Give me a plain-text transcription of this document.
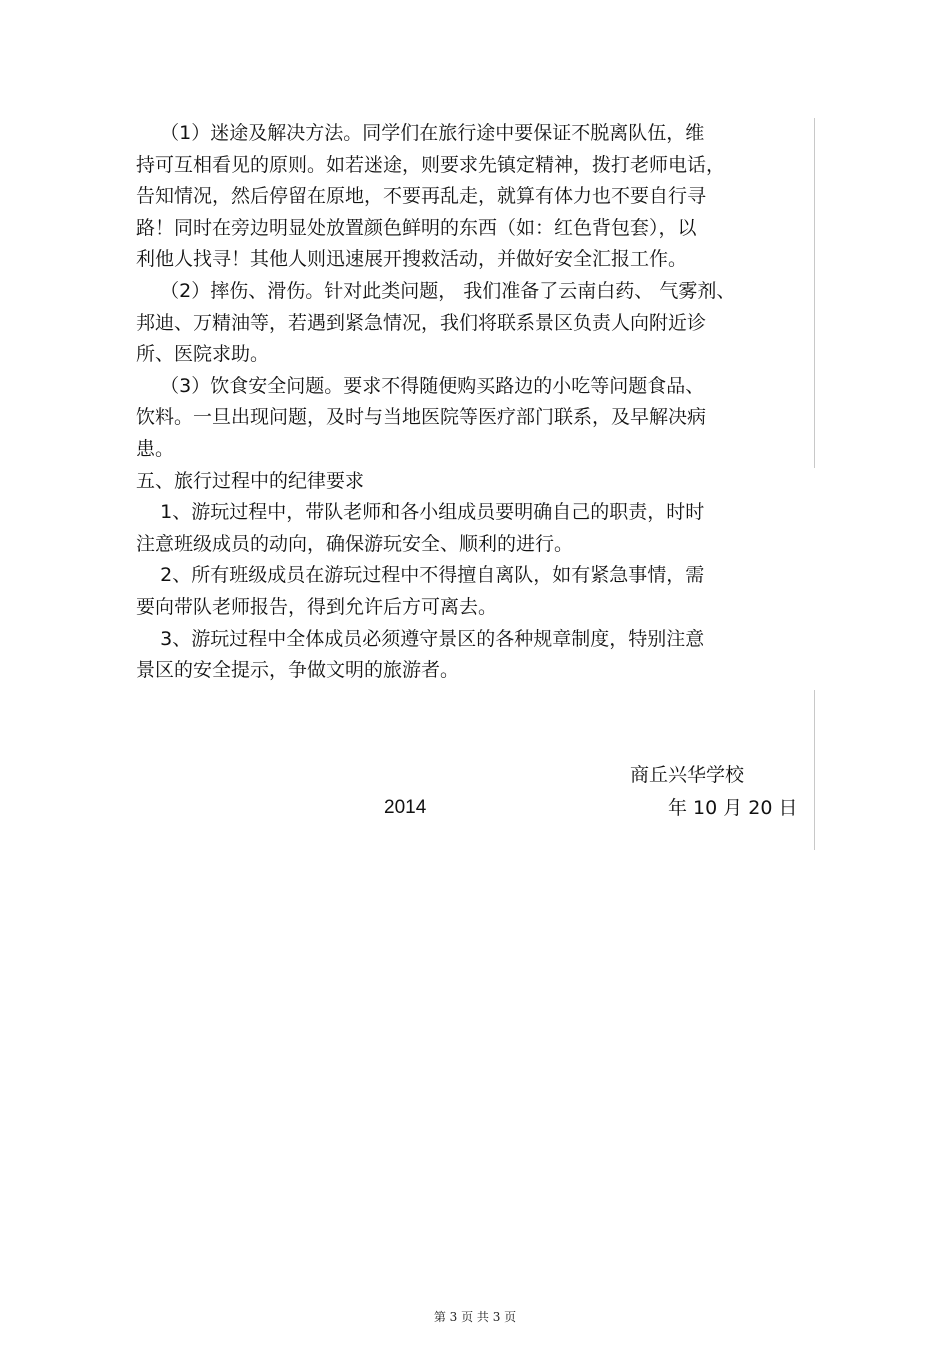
（1）迷途及解决方法。同学们在旅行途中要保证不脱离队伍，维

持可互相看见的原则。如若迷途，则要求先镇定精神，拨打老师电话，

告知情况，然后停留在原地，不要再乱走，就算有体力也不要自行寻

路！同时在旁边明显处放置颜色鲜明的东西（如：红色背包套），以

利他人找寻！其他人则迅速展开搜救活动，并做好安全汇报工作。

（2）摔伤、滑伤。针对此类问题， 我们准备了云南白药、 气雾剂、

邦迪、万精油等，若遇到紧急情况，我们将联系景区负责人向附近诊

所、医院求助。

（3）饮食安全问题。要求不得随便购买路边的小吃等问题食品、

饮料。一旦出现问题，及时与当地医院等医疗部门联系，及早解决病

患。

五、旅行过程中的纪律要求

1、游玩过程中，带队老师和各小组成员要明确自己的职责，时时

注意班级成员的动向，确保游玩安全、顺利的进行。

2、所有班级成员在游玩过程中不得擅自离队，如有紧急事情，需

要向带队老师报告，得到允许后方可离去。

3、游玩过程中全体成员必须遵守景区的各种规章制度，特别注意

景区的安全提示，争做文明的旅游者。

商丘兴华学校
2014	年 10 月 20 日
第 3 页 共 3 页
